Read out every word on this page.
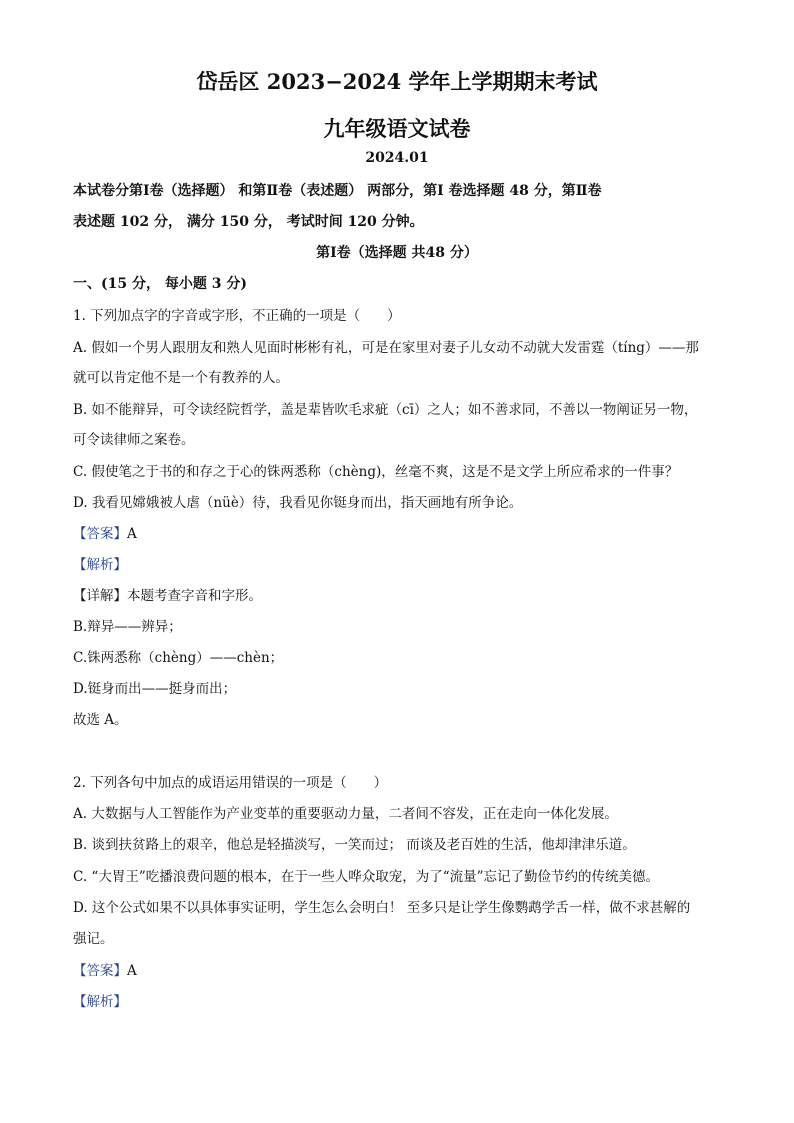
岱岳区 2023−2024 学年上学期期末考试
九年级语文试卷
2024.01
本试卷分第Ⅰ卷（选择题） 和第Ⅱ卷（表述题） 两部分，第Ⅰ 卷选择题 48 分，第Ⅱ卷
表述题 102 分， 满分 150 分， 考试时间 120 分钟。
第Ⅰ卷（选择题 共48 分）
一、(15 分， 每小题 3 分)
1. 下列加点字的字音或字形，不正确的一项是（　　）
A. 假如一个男人跟朋友和熟人见面时彬彬有礼，可是在家里对妻子儿女动不动就大发雷霆（tíng）——那
就可以肯定他不是一个有教养的人。
B. 如不能辩异，可令读经院哲学，盖是辈皆吹毛求疵（cī）之人；如不善求同，不善以一物阐证另一物，
可令读律师之案卷。
C. 假使笔之于书的和存之于心的铢两悉称（chèng)，丝毫不爽，这是不是文学上所应希求的一件事？
D. 我看见嫦娥被人虐（nüè）待，我看见你铤身而出，指天画地有所争论。
【答案】A
【解析】
【详解】本题考查字音和字形。
B.辩异——辨异；
C.铢两悉称（chèng）——chèn；
D.铤身而出——挺身而出；
故选 A。
2. 下列各句中加点的成语运用错误的一项是（　　）
A. 大数据与人工智能作为产业变革的重要驱动力量，二者间不容发，正在走向一体化发展。
B. 谈到扶贫路上的艰辛，他总是轻描淡写，一笑而过； 而谈及老百姓的生活，他却津津乐道。
C. “大胃王”吃播浪费问题的根本，在于一些人哗众取宠，为了“流量”忘记了勤俭节约的传统美德。
D. 这个公式如果不以具体事实证明，学生怎么会明白！ 至多只是让学生像鹦鹉学舌一样，做不求甚解的
强记。
【答案】A
【解析】
